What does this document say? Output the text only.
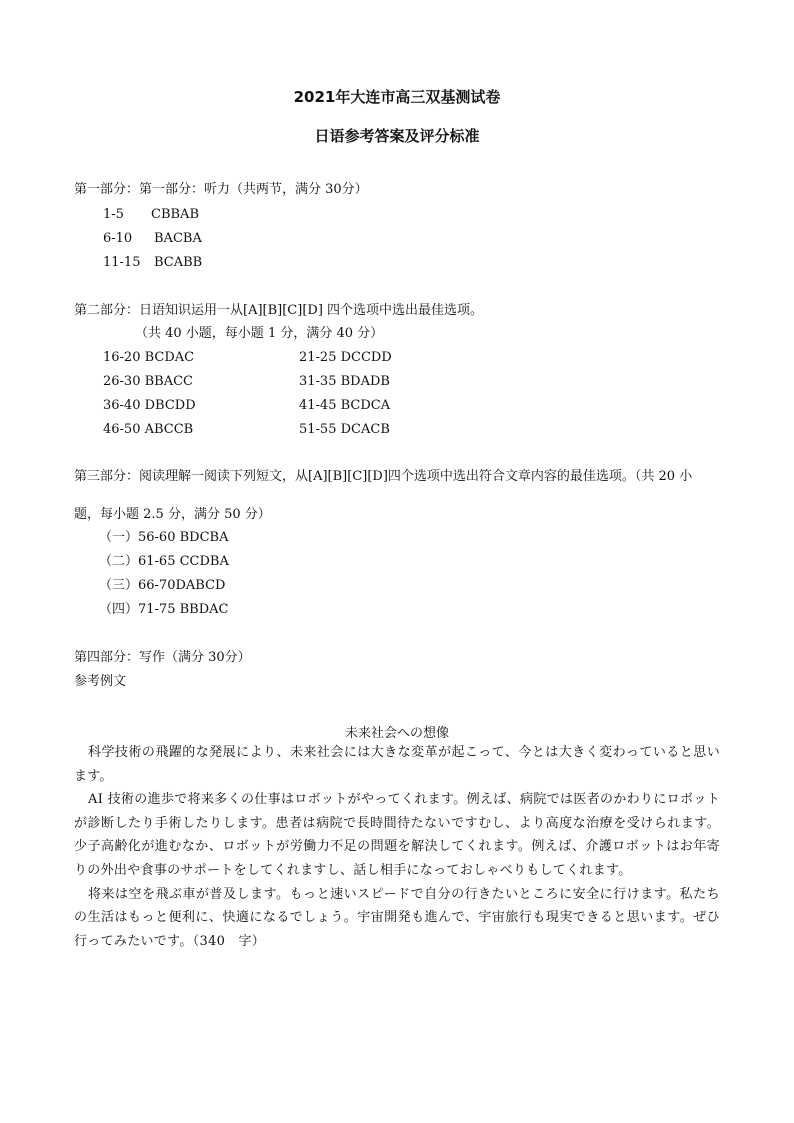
2021年大连市高三双基测试卷
日语参考答案及评分标准
第一部分：第一部分：听力（共两节，满分 30分）
1-5 CBBAB
6-10 BACBA
11-15 BCABB
第二部分：日语知识运用一从[A][B][C][D] 四个选项中选出最佳选项。
（共 40 小题，每小题 1 分，满分 40 分）
16-20 BCDAC	21-25 DCCDD
26-30 BBACC	31-35 BDADB
36-40 DBCDD	41-45 BCDCA
46-50 ABCCB	51-55 DCACB
第三部分：阅读理解一阅读下列短文，从[A][B][C][D]四个选项中选出符合文章内容的最佳选项。（共 20 小
题，每小题 2.5 分，满分 50 分）
（一）56-60 BDCBA
（二）61-65 CCDBA
（三）66-70DABCD
（四）71-75 BBDAC
第四部分：写作（满分 30分）
参考例文
未来社会への想像

科学技術の飛躍的な発展により、未来社会には大きな変革が起こって、今とは大きく変わっていると思います。

AI 技術の進歩で将来多くの仕事はロボットがやってくれます。例えば、病院では医者のかわりにロボットが診断したり手術したりします。患者は病院で長時間待たないですむし、より高度な治療を受けられます。少子高齢化が進むなか、ロボットが労働力不足の問題を解決してくれます。例えば、介護ロボットはお年寄りの外出や食事のサポートをしてくれますし、話し相手になっておしゃべりもしてくれます。

将来は空を飛ぶ車が普及します。もっと速いスピードで自分の行きたいところに安全に行けます。私たちの生活はもっと便利に、快適になるでしょう。宇宙開発も進んで、宇宙旅行も現実できると思います。ぜひ行ってみたいです。（340　字）
